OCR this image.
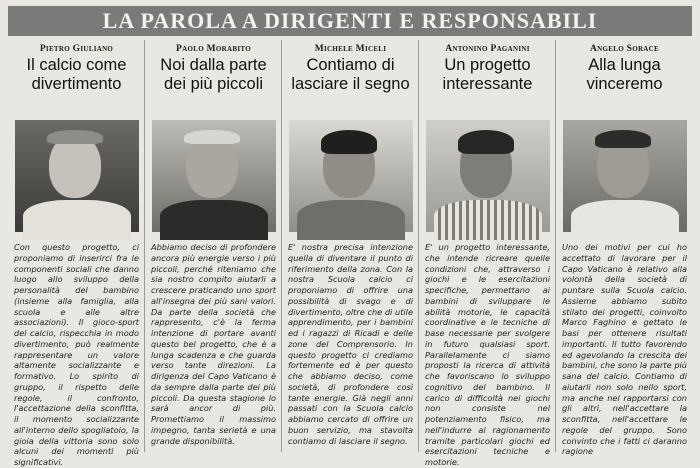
LA PAROLA A DIRIGENTI E RESPONSABILI
Pietro Giuliano
Il calcio come divertimento
Con questo progetto, ci proponiamo di inserirci fra le componenti sociali che danno luogo allo sviluppo della personalità del bambino (insieme alla famiglia, alla scuola e alle altre associazioni). Il gioco-sport del calcio, rispecchia in modo divertimento, può realmente rappresentare un valore altamente socializzante e formativo. Lo spirito di gruppo, il rispetto delle regole, il confronto, l'accettazione della sconfitta, il momento socializzante all'interno dello spogliatoio, la gioia della vittoria sono solo alcuni dei momenti più significativi.
Paolo Morabito
Noi dalla parte dei più piccoli
Abbiamo deciso di profondere ancora più energie verso i più piccoli, perché riteniamo che sia nostro compito aiutarli a crescere praticando uno sport all'insegna dei più sani valori. Da parte della società che rappresento, c'è la ferma intenzione di portare avanti questo bel progetto, che è a lunga scadenza e che guarda verso tante direzioni. La dirigenza del Capo Vaticano è da sempre dalla parte dei più piccoli. Da questa stagione lo sarà ancor di più. Promettiamo il massimo impegno, tanta serietà e una grande disponibilità.
Michele Miceli
Contiamo di lasciare il segno
E' nostra precisa intenzione quella di diventare il punto di riferimento della zona. Con la nostra Scuola calcio ci proponiamo di offrire una possibilità di svago e di divertimento, oltre che di utile apprendimento, per i bambini ed i ragazzi di Ricadi e delle zone del Comprensorio. In questo progetto ci crediamo fortemente ed è per questo che abbiamo deciso, come società, di profondere così tante energie. Già negli anni passati con la Scuola calcio abbiamo cercato di offrire un buon servizio, ma stavolta contiamo di lasciare il segno.
Antonino Paganini
Un progetto interessante
E' un progetto interessante, che intende ricreare quelle condizioni che, attraverso i giochi e le esercitazioni specifiche, permettano ai bambini di sviluppare le abilità motorie, le capacità coordinative e le tecniche di base necessarie per svolgere in futuro qualsiasi sport. Parallelamente ci siamo proposti la ricerca di attività che favoriscano lo sviluppo cognitivo del bambino. Il carico di difficoltà nei giochi non consiste nel potenziamento fisico, ma nell'indurre al ragionamento tramite particolari giochi ed esercitazioni tecniche e motorie.
Angelo Sorace
Alla lunga vinceremo
Uno dei motivi per cui ho accettato di lavorare per il Capo Vaticano è relativo alla volontà della società di puntare sulla Scuola calcio. Assieme abbiamo subito stilato dei progetti, coinvolto Marco Faghino e gettato le basi per ottenere risultati importanti. Il tutto favorendo ed agevolando la crescita dei bambini, che sono la parte più sana del calcio. Contiamo di aiutarli non solo nello sport, ma anche nel rapportarsi con gli altri, nell'accettare la sconfitta, nell'accettare le regole del gruppo. Sono convinto che i fatti ci daranno ragione
